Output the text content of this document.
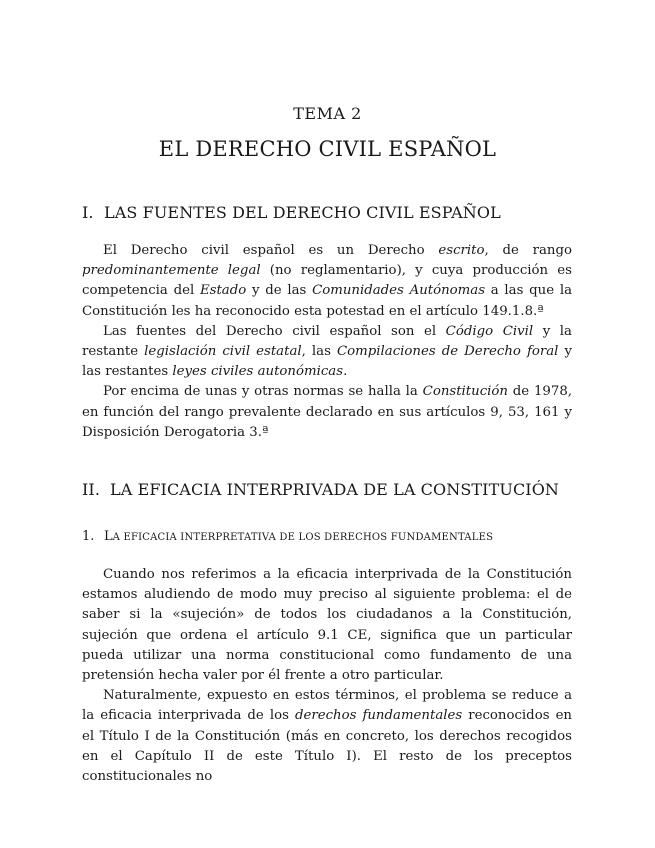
TEMA 2
EL DERECHO CIVIL ESPAÑOL
I. LAS FUENTES DEL DERECHO CIVIL ESPAÑOL

El Derecho civil español es un Derecho escrito, de rango predominantemente legal (no reglamentario), y cuya producción es competencia del Estado y de las Comunidades Autónomas a las que la Constitución les ha reconocido esta potestad en el artículo 149.1.8.ª

Las fuentes del Derecho civil español son el Código Civil y la restante legislación civil estatal, las Compilaciones de Derecho foral y las restantes leyes civiles autonómicas.

Por encima de unas y otras normas se halla la Constitución de 1978, en función del rango prevalente declarado en sus artículos 9, 53, 161 y Disposición Derogatoria 3.ª

II. LA EFICACIA INTERPRIVADA DE LA CONSTITUCIÓN
1. LA EFICACIA INTERPRETATIVA DE LOS DERECHOS FUNDAMENTALES

Cuando nos referimos a la eficacia interprivada de la Constitución estamos aludiendo de modo muy preciso al siguiente problema: el de saber si la «sujeción» de todos los ciudadanos a la Constitución, sujeción que ordena el artículo 9.1 CE, significa que un particular pueda utilizar una norma constitucional como fundamento de una pretensión hecha valer por él frente a otro particular.

Naturalmente, expuesto en estos términos, el problema se reduce a la eficacia interprivada de los derechos fundamentales reconocidos en el Título I de la Constitución (más en concreto, los derechos recogidos en el Capítulo II de este Título I). El resto de los preceptos constitucionales no
